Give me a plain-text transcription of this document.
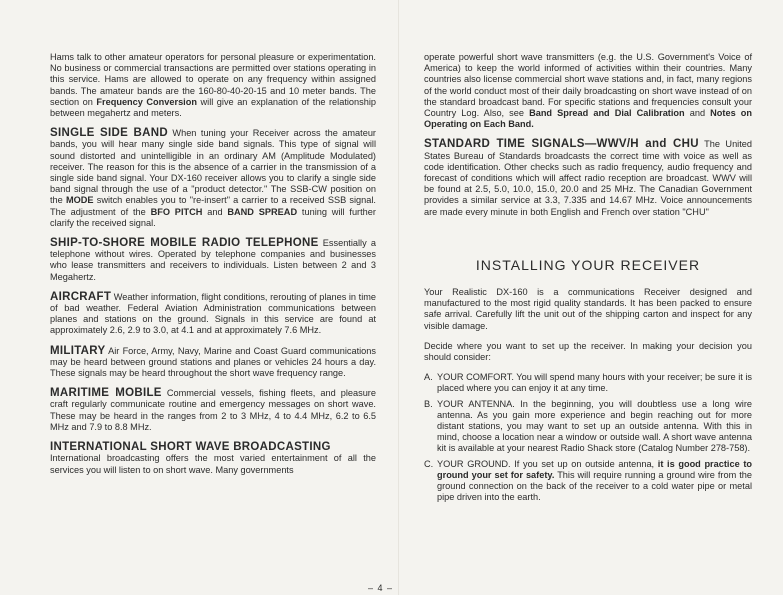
Hams talk to other amateur operators for personal pleasure or experimentation. No business or commercial transactions are permitted over stations operating in this service. Hams are allowed to operate on any frequency within assigned bands. The amateur bands are the 160-80-40-20-15 and 10 meter bands. The section on Frequency Conversion will give an explanation of the relationship between megahertz and meters.

SINGLE SIDE BAND When tuning your Receiver across the amateur bands, you will hear many single side band signals. This type of signal will sound distorted and unintelligible in an ordinary AM (Amplitude Modulated) receiver. The reason for this is the absence of a carrier in the transmission of a single side band signal. Your DX-160 receiver allows you to clarify a single side band signal through the use of a "product detector." The SSB-CW position on the MODE switch enables you to "re-insert" a carrier to a received SSB signal. The adjustment of the BFO PITCH and BAND SPREAD tuning will further clarify the received signal.

SHIP-TO-SHORE MOBILE RADIO TELEPHONE Essentially a telephone without wires. Operated by telephone companies and businesses who lease transmitters and receivers to individuals. Listen between 2 and 3 Megahertz.

AIRCRAFT Weather information, flight conditions, rerouting of planes in time of bad weather. Federal Aviation Administration communications between planes and stations on the ground. Signals in this service are found at approximately 2.6, 2.9 to 3.0, at 4.1 and at approximately 7.6 MHz.

MILITARY Air Force, Army, Navy, Marine and Coast Guard communications may be heard between ground stations and planes or vehicles 24 hours a day. These signals may be heard throughout the short wave frequency range.

MARITIME MOBILE Commercial vessels, fishing fleets, and pleasure craft regularly communicate routine and emergency messages on short wave. These may be heard in the ranges from 2 to 3 MHz, 4 to 4.4 MHz, 6.2 to 6.5 MHz and 7.9 to 8.8 MHz.

INTERNATIONAL SHORT WAVE BROADCASTING
International broadcasting offers the most varied entertainment of all the services you will listen to on short wave. Many governments

operate powerful short wave transmitters (e.g. the U.S. Government's Voice of America) to keep the world informed of activities within their countries. Many countries also license commercial short wave stations and, in fact, many regions of the world conduct most of their daily broadcasting on short wave instead of on the standard broadcast band. For specific stations and frequencies consult your Country Log. Also, see Band Spread and Dial Calibration and Notes on Operating on Each Band.

STANDARD TIME SIGNALS—WWV/H and CHU The United States Bureau of Standards broadcasts the correct time with voice as well as code identification. Other checks such as radio frequency, audio frequency and forecast of conditions which will affect radio reception are broadcast. WWV will be found at 2.5, 5.0, 10.0, 15.0, 20.0 and 25 MHz. The Canadian Government provides a similar service at 3.3, 7.335 and 14.67 MHz. Voice announcements are made every minute in both English and French over station "CHU"

INSTALLING YOUR RECEIVER

Your Realistic DX-160 is a communications Receiver designed and manufactured to the most rigid quality standards. It has been packed to ensure safe arrival. Carefully lift the unit out of the shipping carton and inspect for any visible damage.

Decide where you want to set up the receiver. In making your decision you should consider:

A. YOUR COMFORT. You will spend many hours with your receiver; be sure it is placed where you can enjoy it at any time.
B. YOUR ANTENNA. In the beginning, you will doubtless use a long wire antenna. As you gain more experience and begin reaching out for more distant stations, you may want to set up an outside antenna. With this in mind, choose a location near a window or outside wall. A short wave antenna kit is available at your nearest Radio Shack store (Catalog Number 278-758).
C. YOUR GROUND. If you set up on outside antenna, it is good practice to ground your set for safety. This will require running a ground wire from the ground connection on the back of the receiver to a cold water pipe or metal pipe driven into the earth.
– 4 –
